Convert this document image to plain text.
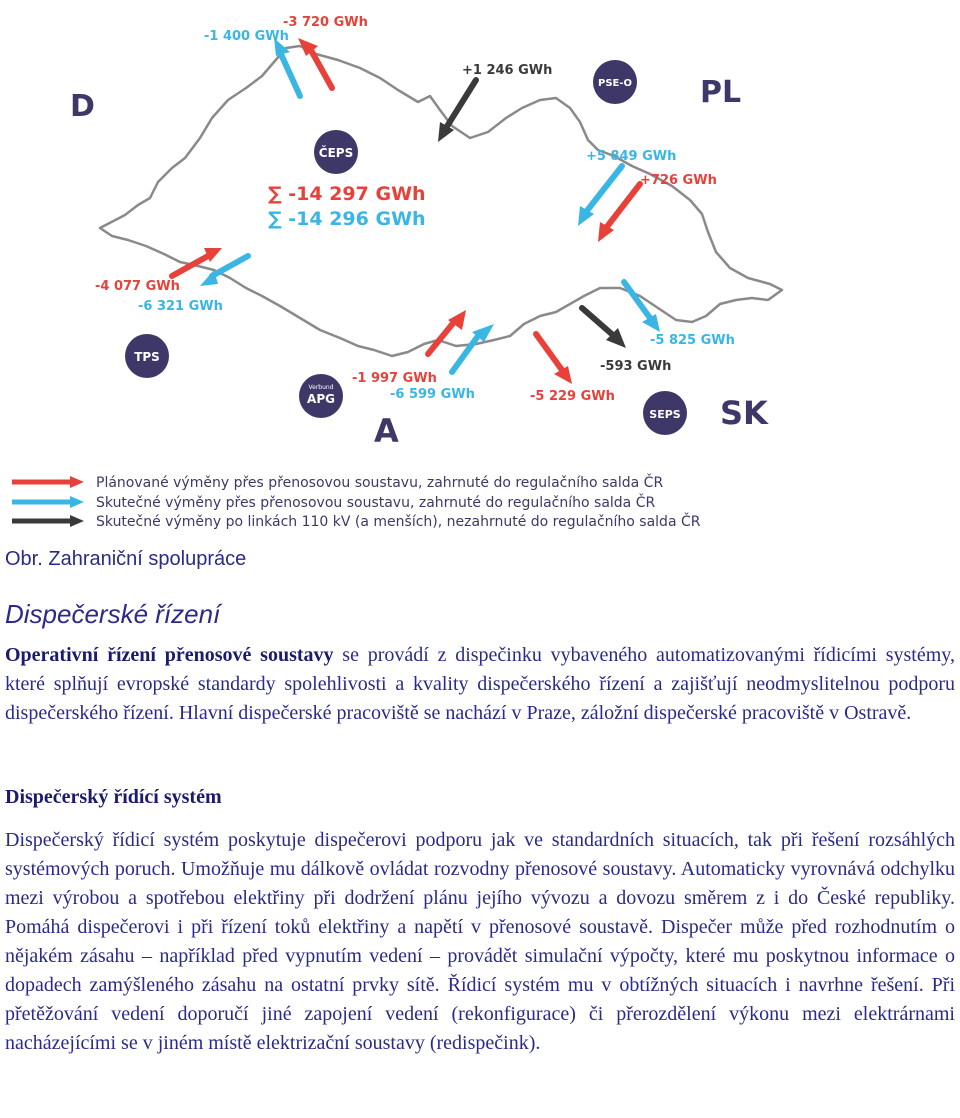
D	PL
SK
A
ČEPS
PSE-O
TPS
Verbund
APG
SEPS
∑ -14 297 GWh
∑ -14 296 GWh
-3 720 GWh
-1 400 GWh
+1 246 GWh
+5 849 GWh
+726 GWh
-4 077 GWh
-6 321 GWh
-5 825 GWh
-593 GWh
-5 229 GWh
-1 997 GWh
-6 599 GWh
Plánované výměny přes přenosovou soustavu, zahrnuté do regulačního salda ČR
Skutečné výměny přes přenosovou soustavu, zahrnuté do regulačního salda ČR
Skutečné výměny po linkách 110 kV (a menších), nezahrnuté do regulačního salda ČR
Obr. Zahraniční spolupráce
Dispečerské řízení
Operativní řízení přenosové soustavy se provádí z dispečinku vybaveného automatizovanými řídicími systémy, které splňují evropské standardy spolehlivosti a kvality dispečerského řízení a zajišťují neodmyslitelnou podporu dispečerského řízení. Hlavní dispečerské pracoviště se nachází v Praze, záložní dispečerské pracoviště v Ostravě.
Dispečerský řídící systém
Dispečerský řídicí systém poskytuje dispečerovi podporu jak ve standardních situacích, tak při řešení rozsáhlých systémových poruch. Umožňuje mu dálkově ovládat rozvodny přenosové soustavy. Automaticky vyrovnává odchylku mezi výrobou a spotřebou elektřiny při dodržení plánu jejího vývozu a dovozu směrem z i do České republiky. Pomáhá dispečerovi i při řízení toků elektřiny a napětí v přenosové soustavě. Dispečer může před rozhodnutím o nějakém zásahu – například před vypnutím vedení – provádět simulační výpočty, které mu poskytnou informace o dopadech zamýšleného zásahu na ostatní prvky sítě. Řídicí systém mu v obtížných situacích i navrhne řešení. Při přetěžování vedení doporučí jiné zapojení vedení (rekonfigurace) či přerozdělení výkonu mezi elektrárnami nacházejícími se v jiném místě elektrizační soustavy (redispečink).
